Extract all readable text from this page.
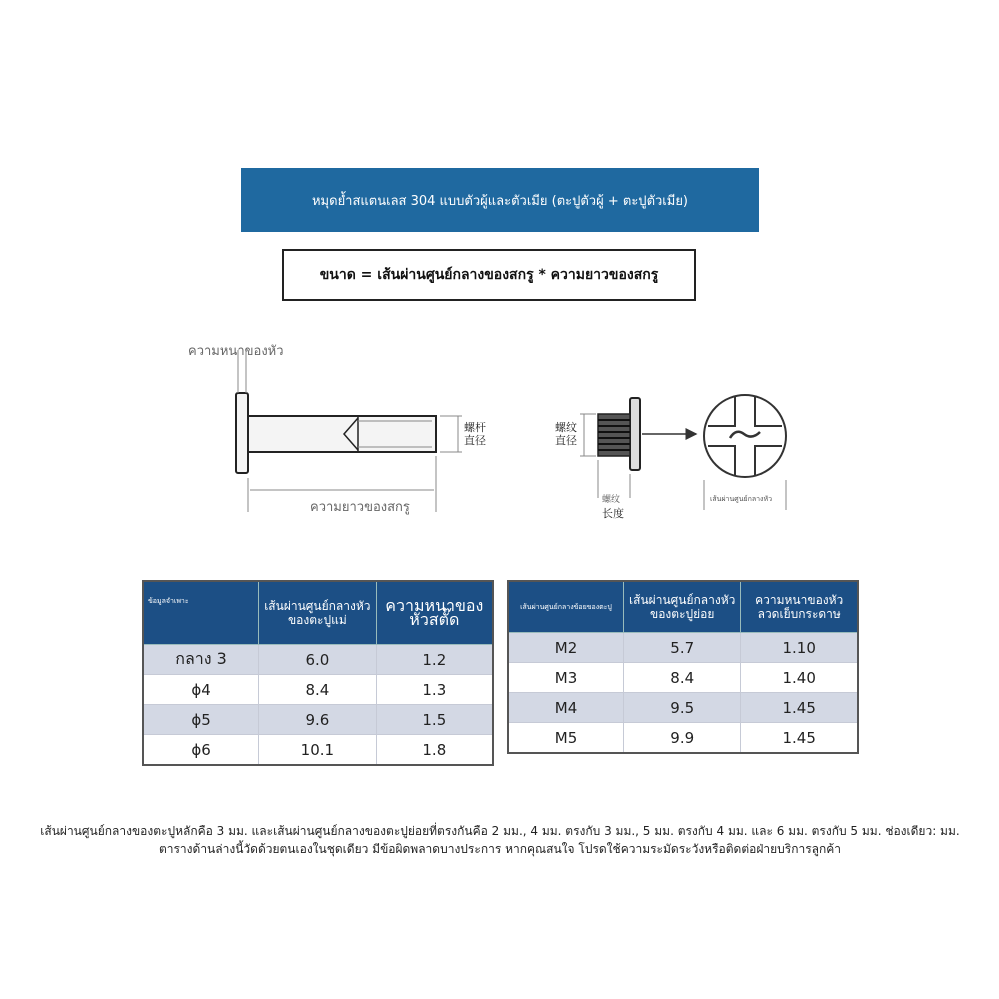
หมุดย้ำสแตนเลส 304 แบบตัวผู้และตัวเมีย (ตะปูตัวผู้ + ตะปูตัวเมีย)
ขนาด = เส้นผ่านศูนย์กลางของสกรู * ความยาวของสกรู
ความหนาของหัว
ความยาวของสกรู
螺杆
直径
螺纹
直径
螺纹
长度
เส้นผ่านศูนย์กลางหัว
ข้อมูลจำเพาะ	เส้นผ่านศูนย์กลางหัวของตะปูแม่	ความหนาของหัวสตั๊ด
กลาง 3	6.0	1.2
ϕ4	8.4	1.3
ϕ5	9.6	1.5
ϕ6	10.1	1.8
เส้นผ่านศูนย์กลางข้อยของตะปู	เส้นผ่านศูนย์กลางหัวของตะปูย่อย	ความหนาของหัวลวดเย็บกระดาษ
M2	5.7	1.10
M3	8.4	1.40
M4	9.5	1.45
M5	9.9	1.45
เส้นผ่านศูนย์กลางของตะปูหลักคือ 3 มม. และเส้นผ่านศูนย์กลางของตะปูย่อยที่ตรงกันคือ 2 มม., 4 มม. ตรงกับ 3 มม., 5 มม. ตรงกับ 4 มม. และ 6 มม. ตรงกับ 5 มม. ช่องเดียว: มม. ตารางด้านล่างนี้วัดด้วยตนเองในชุดเดียว มีข้อผิดพลาดบางประการ หากคุณสนใจ โปรดใช้ความระมัดระวังหรือติดต่อฝ่ายบริการลูกค้า
